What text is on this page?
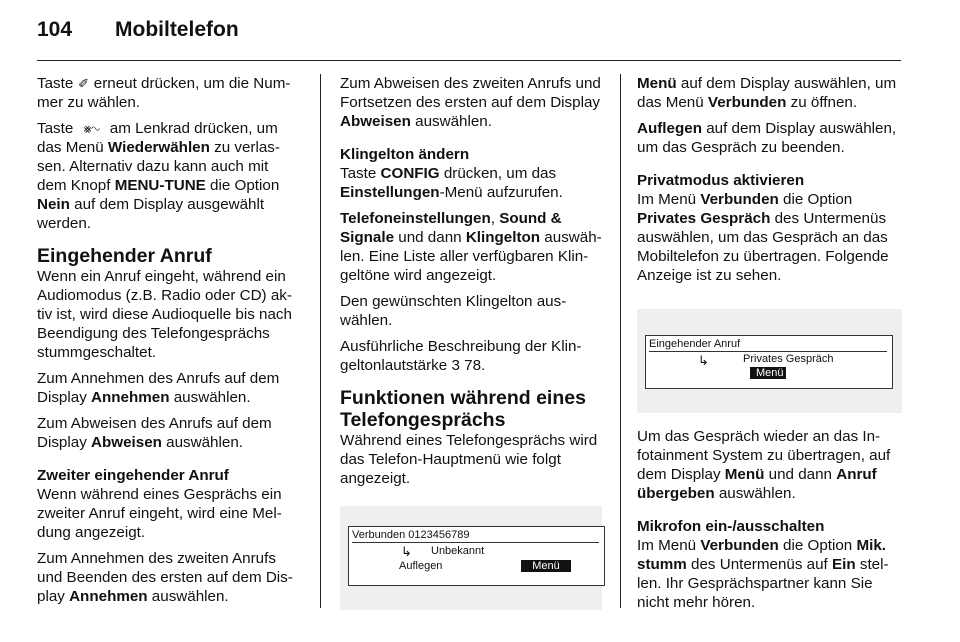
104 Mobiltelefon

Taste ✐ erneut drücken, um die Num-mer zu wählen.

Taste ⨳∿ am Lenkrad drücken, um das Menü Wiederwählen zu verlas-sen. Alternativ dazu kann auch mit dem Knopf MENU-TUNE die Option Nein auf dem Display ausgewählt werden.

Eingehender Anruf

Wenn ein Anruf eingeht, während ein Audiomodus (z.B. Radio oder CD) ak-tiv ist, wird diese Audioquelle bis nach Beendigung des Telefongesprächs stummgeschaltet.

Zum Annehmen des Anrufs auf dem Display Annehmen auswählen.

Zum Abweisen des Anrufs auf dem Display Abweisen auswählen.

Zweiter eingehender Anruf

Wenn während eines Gesprächs ein zweiter Anruf eingeht, wird eine Mel-dung angezeigt.

Zum Annehmen des zweiten Anrufs und Beenden des ersten auf dem Dis-play Annehmen auswählen.

Zum Abweisen des zweiten Anrufs und Fortsetzen des ersten auf dem Display Abweisen auswählen.

Klingelton ändern

Taste CONFIG drücken, um das Einstellungen-Menü aufzurufen.

Telefoneinstellungen, Sound & Signale und dann Klingelton auswäh-len. Eine Liste aller verfügbaren Klin-geltöne wird angezeigt.

Den gewünschten Klingelton aus-wählen.

Ausführliche Beschreibung der Klin-geltonlautstärke 3 78.

Funktionen während eines Telefongesprächs

Während eines Telefongesprächs wird das Telefon-Hauptmenü wie folgt angezeigt.

Verbunden 0123456789
↳ Unbekannt
Auflegen	Menü

Menü auf dem Display auswählen, um das Menü Verbunden zu öffnen.

Auflegen auf dem Display auswählen, um das Gespräch zu beenden.

Privatmodus aktivieren

Im Menü Verbunden die Option Privates Gespräch des Untermenüs auswählen, um das Gespräch an das Mobiltelefon zu übertragen. Folgende Anzeige ist zu sehen.

Eingehender Anruf
↳	Privates Gespräch
Menü

Um das Gespräch wieder an das In-fotainment System zu übertragen, auf dem Display Menü und dann Anruf übergeben auswählen.

Mikrofon ein-/ausschalten

Im Menü Verbunden die Option Mik. stumm des Untermenüs auf Ein stel-len. Ihr Gesprächspartner kann Sie nicht mehr hören.
